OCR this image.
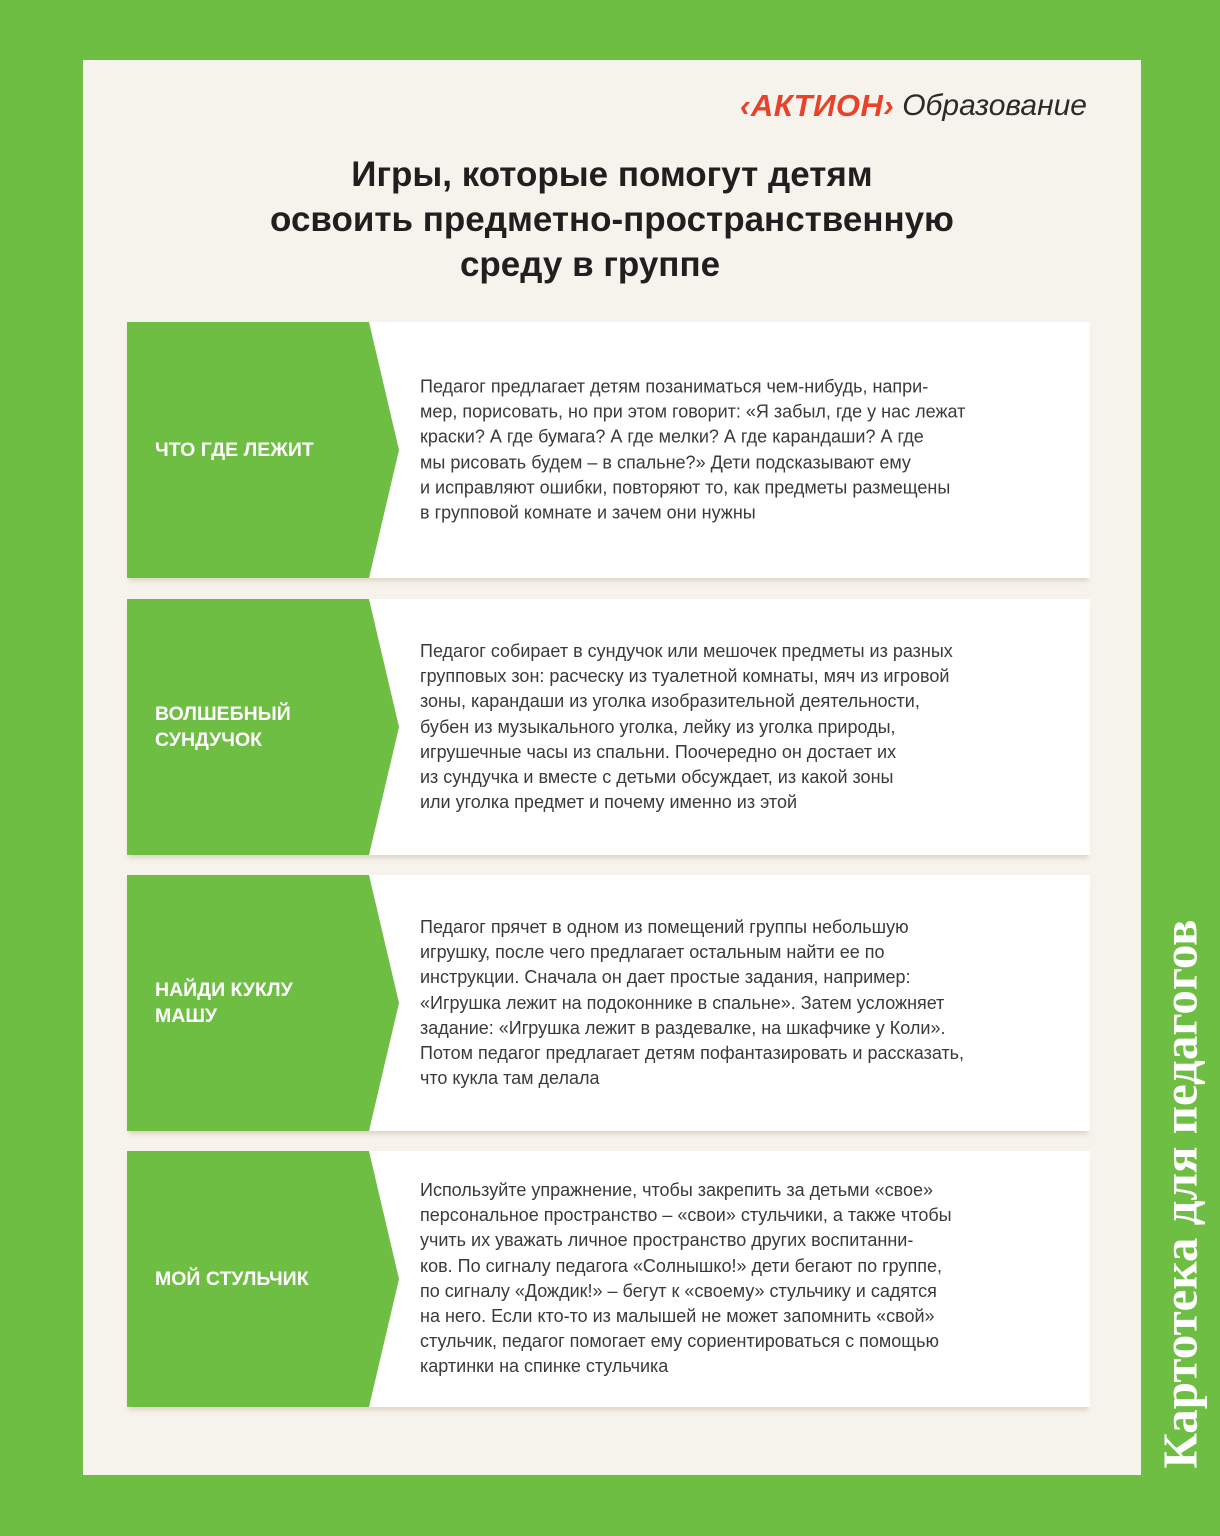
‹АКТИОН› Образование
Игры, которые помогут детям
освоить предметно-пространственную
среду в группе
ЧТО ГДЕ ЛЕЖИТ

Педагог предлагает детям позаниматься чем-нибудь, напри-
мер, порисовать, но при этом говорит: «Я забыл, где у нас лежат
краски? А где бумага? А где мелки? А где карандаши? А где
мы рисовать будем – в спальне?» Дети подсказывают ему
и исправляют ошибки, повторяют то, как предметы размещены
в групповой комнате и зачем они нужны

ВОЛШЕБНЫЙ
СУНДУЧОК

Педагог собирает в сундучок или мешочек предметы из разных
групповых зон: расческу из туалетной комнаты, мяч из игровой
зоны, карандаши из уголка изобразительной деятельности,
бубен из музыкального уголка, лейку из уголка природы,
игрушечные часы из спальни. Поочередно он достает их
из сундучка и вместе с детьми обсуждает, из какой зоны
или уголка предмет и почему именно из этой

НАЙДИ КУКЛУ
МАШУ

Педагог прячет в одном из помещений группы небольшую
игрушку, после чего предлагает остальным найти ее по
инструкции. Сначала он дает простые задания, например:
«Игрушка лежит на подоконнике в спальне». Затем усложняет
задание: «Игрушка лежит в раздевалке, на шкафчике у Коли».
Потом педагог предлагает детям пофантазировать и рассказать,
что кукла там делала

МОЙ СТУЛЬЧИК

Используйте упражнение, чтобы закрепить за детьми «свое»
персональное пространство – «свои» стульчики, а также чтобы
учить их уважать личное пространство других воспитанни-
ков. По сигналу педагога «Солнышко!» дети бегают по группе,
по сигналу «Дождик!» – бегут к «своему» стульчику и садятся
на него. Если кто-то из малышей не может запомнить «свой»
стульчик, педагог помогает ему сориентироваться с помощью
картинки на спинке стульчика	Картотека для педагогов
